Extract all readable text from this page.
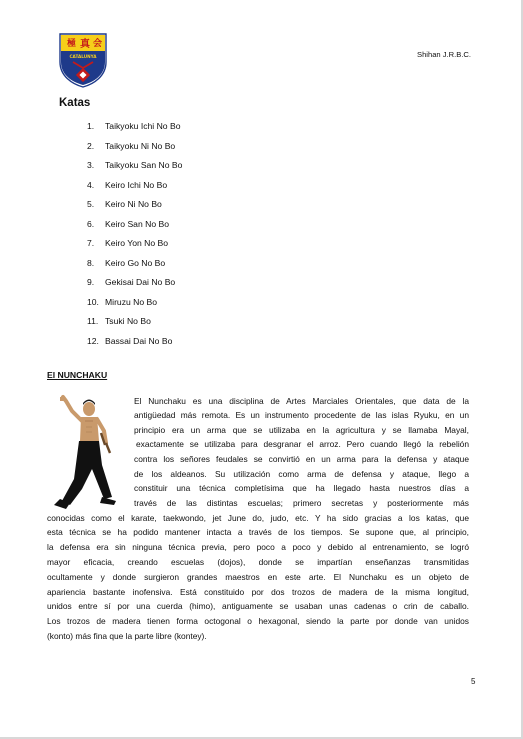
極 真 会
CATALUNYA	Shihan J.R.B.C.
Katas
1.	Taikyoku Ichi No Bo
2.	Taikyoku Ni No Bo
3.	Taikyoku San No Bo
4.	Keiro Ichi No Bo
5.	Keiro Ni No Bo
6.	Keiro San No Bo
7.	Keiro Yon No Bo
8.	Keiro Go No Bo
9.	Gekisai Dai No Bo
10. Miruzu No Bo
11. Tsuki No Bo
12. Bassai Dai No Bo
El NUNCHAKU
El Nunchaku es una disciplina de Artes Marciales Orientales, que data de la
antigüedad más remota. Es un instrumento procedente de las islas Ryuku, en un
principio era un arma que se utilizaba en la agricultura y se llamaba Mayal,
exactamente se utilizaba para desgranar el arroz. Pero cuando llegó la rebelión
contra los señores feudales se convirtió en un arma para la defensa y ataque
de los aldeanos. Su utilización como arma de defensa y ataque, llego a
constituir una técnica completísima que ha llegado hasta nuestros días a
través de las distintas escuelas; primero secretas y posteriormente más
conocidas como el karate, taekwondo, jet June do, judo, etc. Y ha sido gracias a los katas, que
esta técnica se ha podido mantener intacta a través de los tiempos. Se supone que, al principio,
la defensa era sin ninguna técnica previa, pero poco a poco y debido al entrenamiento, se logró
mayor eficacia, creando escuelas (dojos), donde se impartían enseñanzas transmitidas
ocultamente y donde surgieron grandes maestros en este arte. El Nunchaku es un objeto de
apariencia bastante inofensiva. Está constituido por dos trozos de madera de la misma longitud,
unidos entre sí por una cuerda (himo), antiguamente se usaban unas cadenas o crin de caballo.
Los trozos de madera tienen forma octogonal o hexagonal, siendo la parte por donde van unidos
(konto) más fina que la parte libre (kontey).
5
